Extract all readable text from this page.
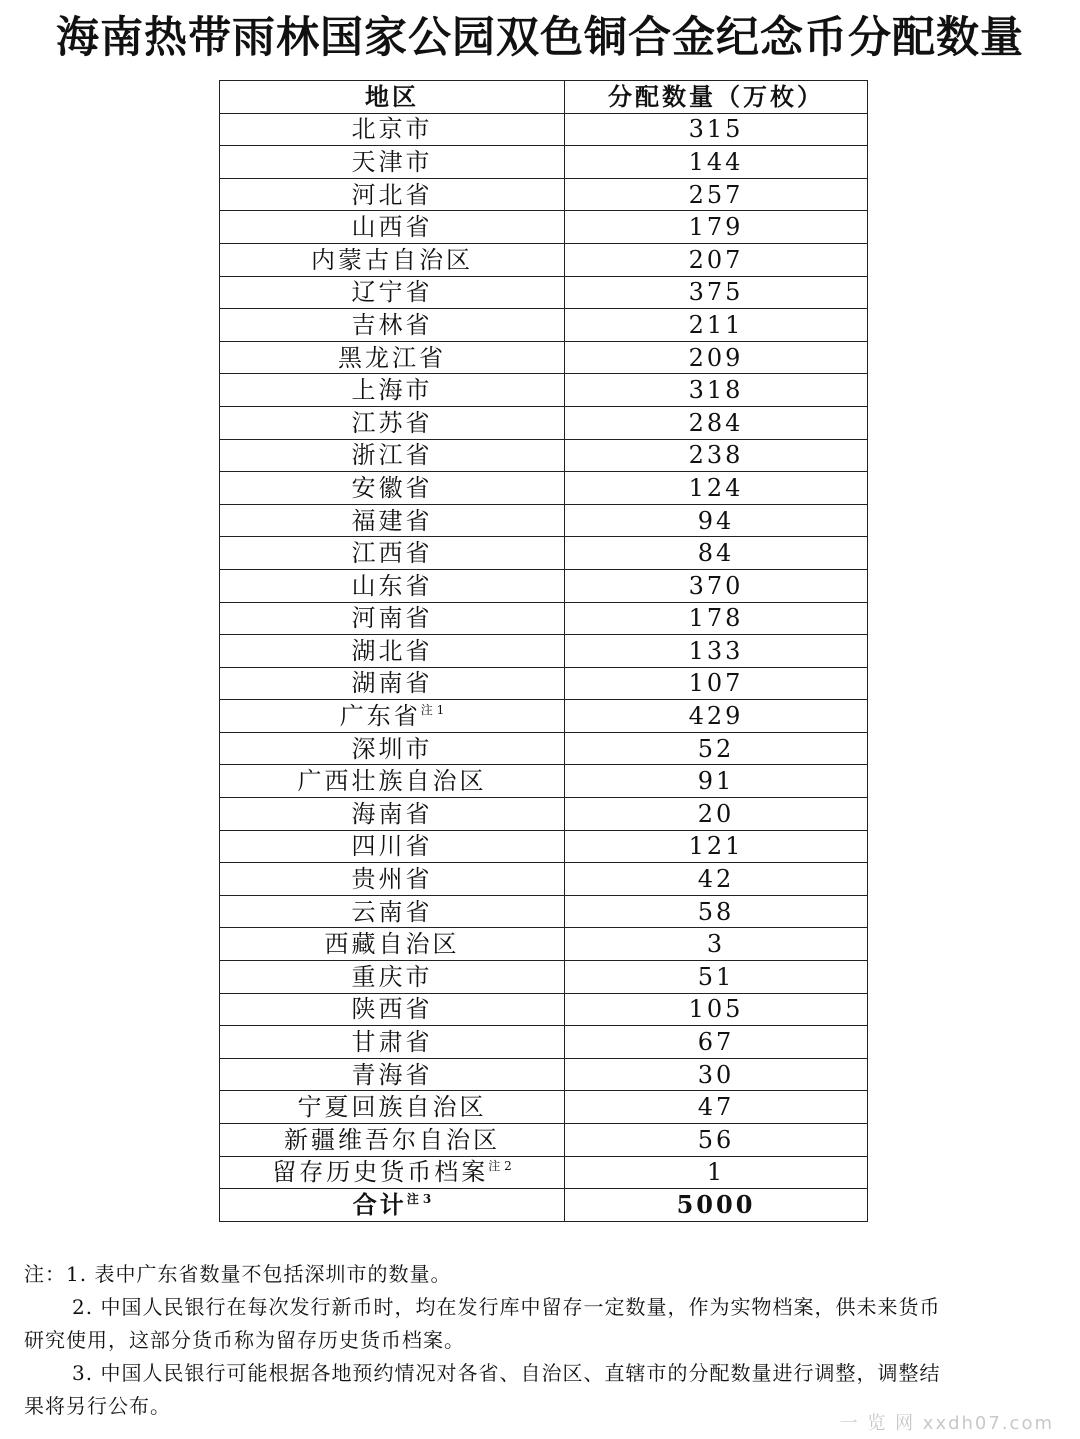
海南热带雨林国家公园双色铜合金纪念币分配数量
地区	分配数量（万枚）
北京市	315
天津市	144
河北省	257
山西省	179
内蒙古自治区	207
辽宁省	375
吉林省	211
黑龙江省	209
上海市	318
江苏省	284
浙江省	238
安徽省	124
福建省	94
江西省	84
山东省	370
河南省	178
湖北省	133
湖南省	107
广东省$^{注 1}$	429
深圳市	52
广西壮族自治区	91
海南省	20
四川省	121
贵州省	42
云南省	58
西藏自治区	3
重庆市	51
陕西省	105
甘肃省	67
青海省	30
宁夏回族自治区	47
新疆维吾尔自治区	56
留存历史货币档案$^{注 2}$	1
合计$^{注 3}$	5000

注：1. 表中广东省数量不包括深圳市的数量。

2. 中国人民银行在每次发行新币时，均在发行库中留存一定数量，作为实物档案，供未来货币

研究使用，这部分货币称为留存历史货币档案。

3. 中国人民银行可能根据各地预约情况对各省、自治区、直辖市的分配数量进行调整，调整结

果将另行公布。

一 览 网 xxdh07.com
